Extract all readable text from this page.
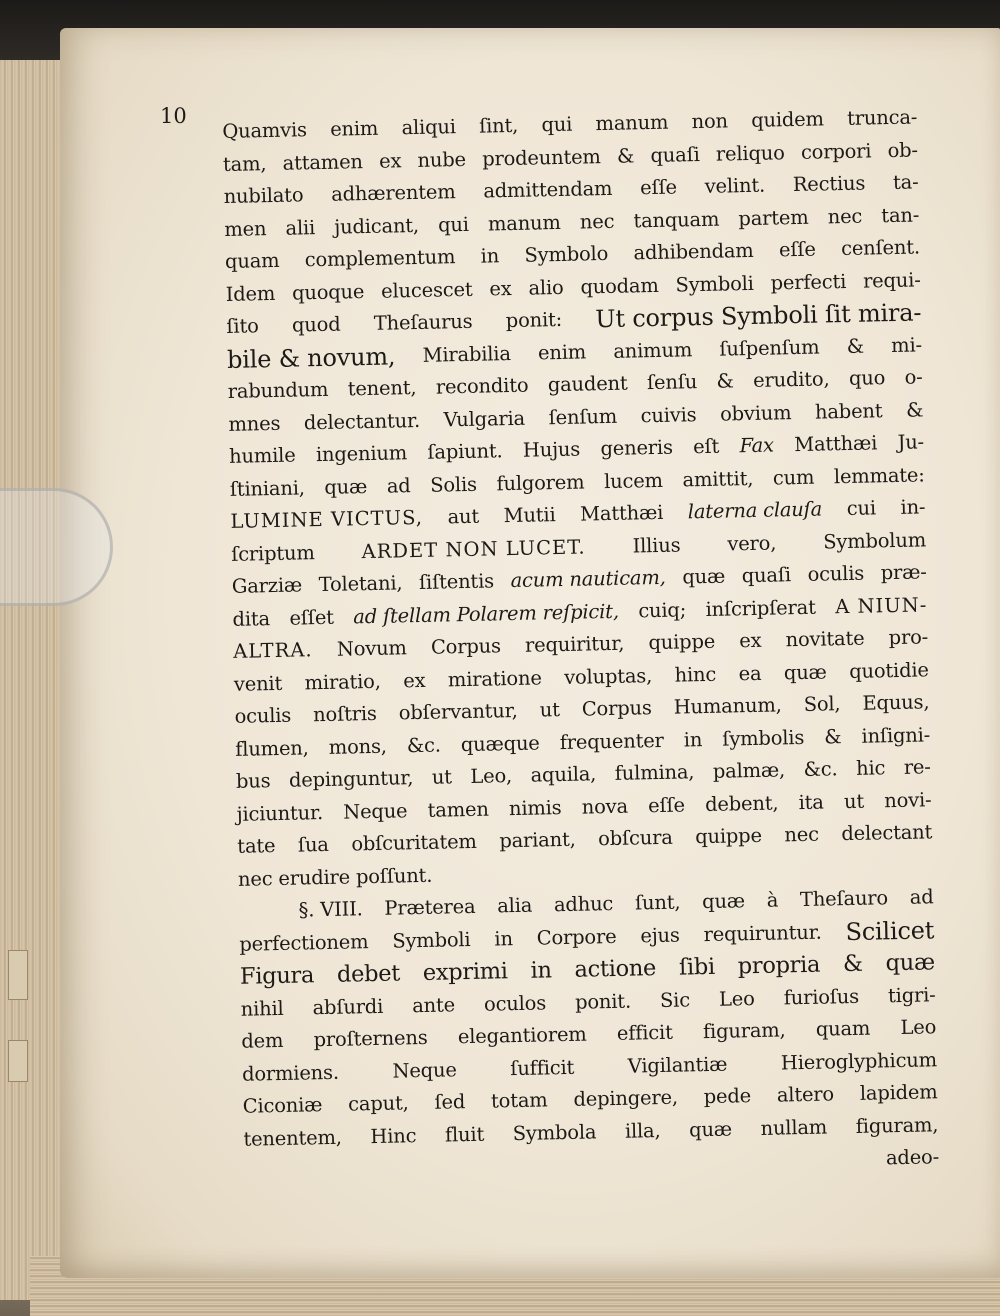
10
Quamvis enim aliqui ſint, qui manum non quidem trunca-
tam, attamen ex nube prodeuntem & quaſi reliquo corpori ob-
nubilato adhærentem admittendam eſſe velint. Rectius ta-
men alii judicant, qui manum nec tanquam partem nec tan-
quam complementum in Symbolo adhibendam eſſe cenſent.
Idem quoque elucescet ex alio quodam Symboli perfecti requi-
ſito quod Theſaurus ponit: Ut corpus Symboli ſit mira-
bile & novum, Mirabilia enim animum ſuſpenſum & mi-
rabundum tenent, recondito gaudent ſenſu & erudito, quo o-
mnes delectantur. Vulgaria ſenſum cuivis obvium habent &
humile ingenium ſapiunt. Hujus generis eſt Fax Matthæi Ju-
ſtiniani, quæ ad Solis fulgorem lucem amittit, cum lemmate:
LUMINE VICTUS, aut Mutii Matthæi laterna clauſa cui in-
ſcriptum ARDET NON LUCET. Illius vero, Symbolum
Garziæ Toletani, ſiſtentis acum nauticam, quæ quaſi oculis præ-
dita eſſet ad ſtellam Polarem reſpicit, cuiq; inſcripſerat A NIUN-
ALTRA. Novum Corpus requiritur, quippe ex novitate pro-
venit miratio, ex miratione voluptas, hinc ea quæ quotidie
oculis noſtris obſervantur, ut Corpus Humanum, Sol, Equus,
flumen, mons, &c. quæque frequenter in ſymbolis & inſigni-
bus depinguntur, ut Leo, aquila, fulmina, palmæ, &c. hic re-
jiciuntur. Neque tamen nimis nova eſſe debent, ita ut novi-
tate ſua obſcuritatem pariant, obſcura quippe nec delectant
nec erudire poſſunt.
§. VIII. Præterea alia adhuc ſunt, quæ à Theſauro ad
perfectionem Symboli in Corpore ejus requiruntur. Scilicet
Figura debet exprimi in actione ſibi propria & quæ
nihil abſurdi ante oculos ponit. Sic Leo furioſus tigri-
dem proſternens elegantiorem efficit figuram, quam Leo
dormiens.	Neque	ſufficit	Vigilantiæ	Hieroglyphicum
Ciconiæ caput, ſed totam depingere, pede altero lapidem
tenentem, Hinc fluit Symbola illa, quæ nullam figuram,
adeo-
